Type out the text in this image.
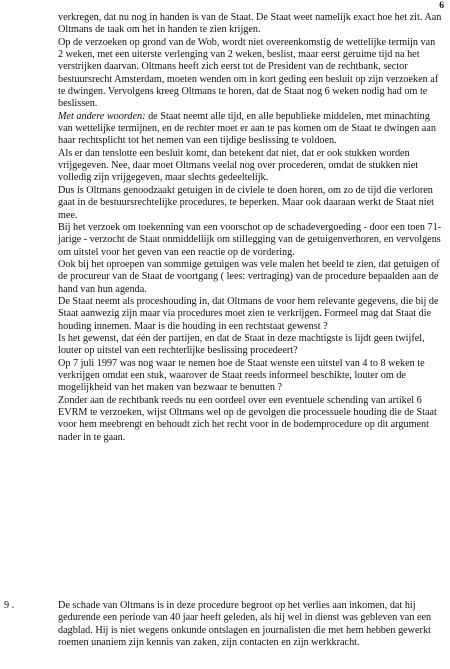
6

verkregen, dat nu nog in handen is van de Staat. De Staat weet namelijk exact hoe het zit. Aan Oltmans de taak om het in handen te zien krijgen.

Op de verzoeken op grond van de Wob, wordt niet overeenkomstig de wettelijke termijn van 2 weken, met een uiterste verlenging van 2 weken, beslist, maar eerst geruime tijd na het verstrijken daarvan. Oltmans heeft zich eerst tot de President van de rechtbank, sector bestuursrecht Amsterdam, moeten wenden om in kort geding een besluit op zijn verzoeken af te dwingen. Vervolgens kreeg Oltmans te horen, dat de Staat nog 6 weken nodig had om te beslissen.

Met andere woorden: de Staat neemt alle tijd, en alle bepublieke middelen, met minachting van wettelijke termijnen, en de rechter moet er aan te pas komen om de Staat te dwingen aan haar rechtsplicht tot het nemen van een tijdige beslissing te voldoen.

Als er dan tenslotte een besluit komt, dan betekent dat niet, dat er ook stukken worden vrijgegeven. Nee, daar moet Oltmans veelal nog over procederen, omdat de stukken niet volledig zijn vrijgegeven, maar slechts gedeeltelijk.

Dus is Oltmans genoodzaakt getuigen in de civiele te doen horen, om zo de tijd die verloren gaat in de bestuursrechtelijke procedures, te beperken. Maar ook daaraan werkt de Staat niet mee.

Bij het verzoek om toekenning van een voorschot op de schadevergoeding - door een toen 71-jarige - verzocht de Staat onmiddellijk om stillegging van de getuigenverhoren, en vervolgens om uitstel voor het geven van een reactie op de vordering.

Ook bij het oproepen van sommige getuigen was vele malen het beeld te zien, dat getuigen of de procureur van de Staat de voortgang ( lees: vertraging) van de procedure bepaalden aan de hand van hun agenda.

De Staat neemt als proceshouding in, dat Oltmans de voor hem relevante gegevens, die bij de Staat aanwezig zijn maar via procedures moet zien te verkrijgen. Formeel mag dat Staat die houding innemen. Maar is die houding in een rechtstaat gewenst ?

Is het gewenst, dat één der partijen, en dat de Staat in deze machtigste is lijdt geen twijfel, louter op uitstel van een rechterlijke beslissing procedeert?

Op 7 juli 1997 was nog waar te nemen hoe de Staat wenste een uitstel van 4 to 8 weken te verkrijgen omdat een stuk, waarover de Staat reeds informeel beschikte, louter om de mogelijkheid van het maken van bezwaar te benutten ?

Zonder aan de rechtbank reeds nu een oordeel over een eventuele schending van artikel 6 EVRM te verzoeken, wijst Oltmans wel op de gevolgen die processuele houding die de Staat voor hem meebrengt en behoudt zich het recht voor in de bodemprocedure op dit argument nader in te gaan.

9 .	De schade van Oltmans is in deze procedure begroot op het verlies aan inkomen, dat hij gedurende een periode van 40 jaar heeft geleden, als hij wel in dienst was gebleven van een dagblad. Hij is niet wegens onkunde ontslagen en journalisten die met hem hebben gewerkt roemen unaniem zijn kennis van zaken, zijn contacten en zijn werkkracht.
